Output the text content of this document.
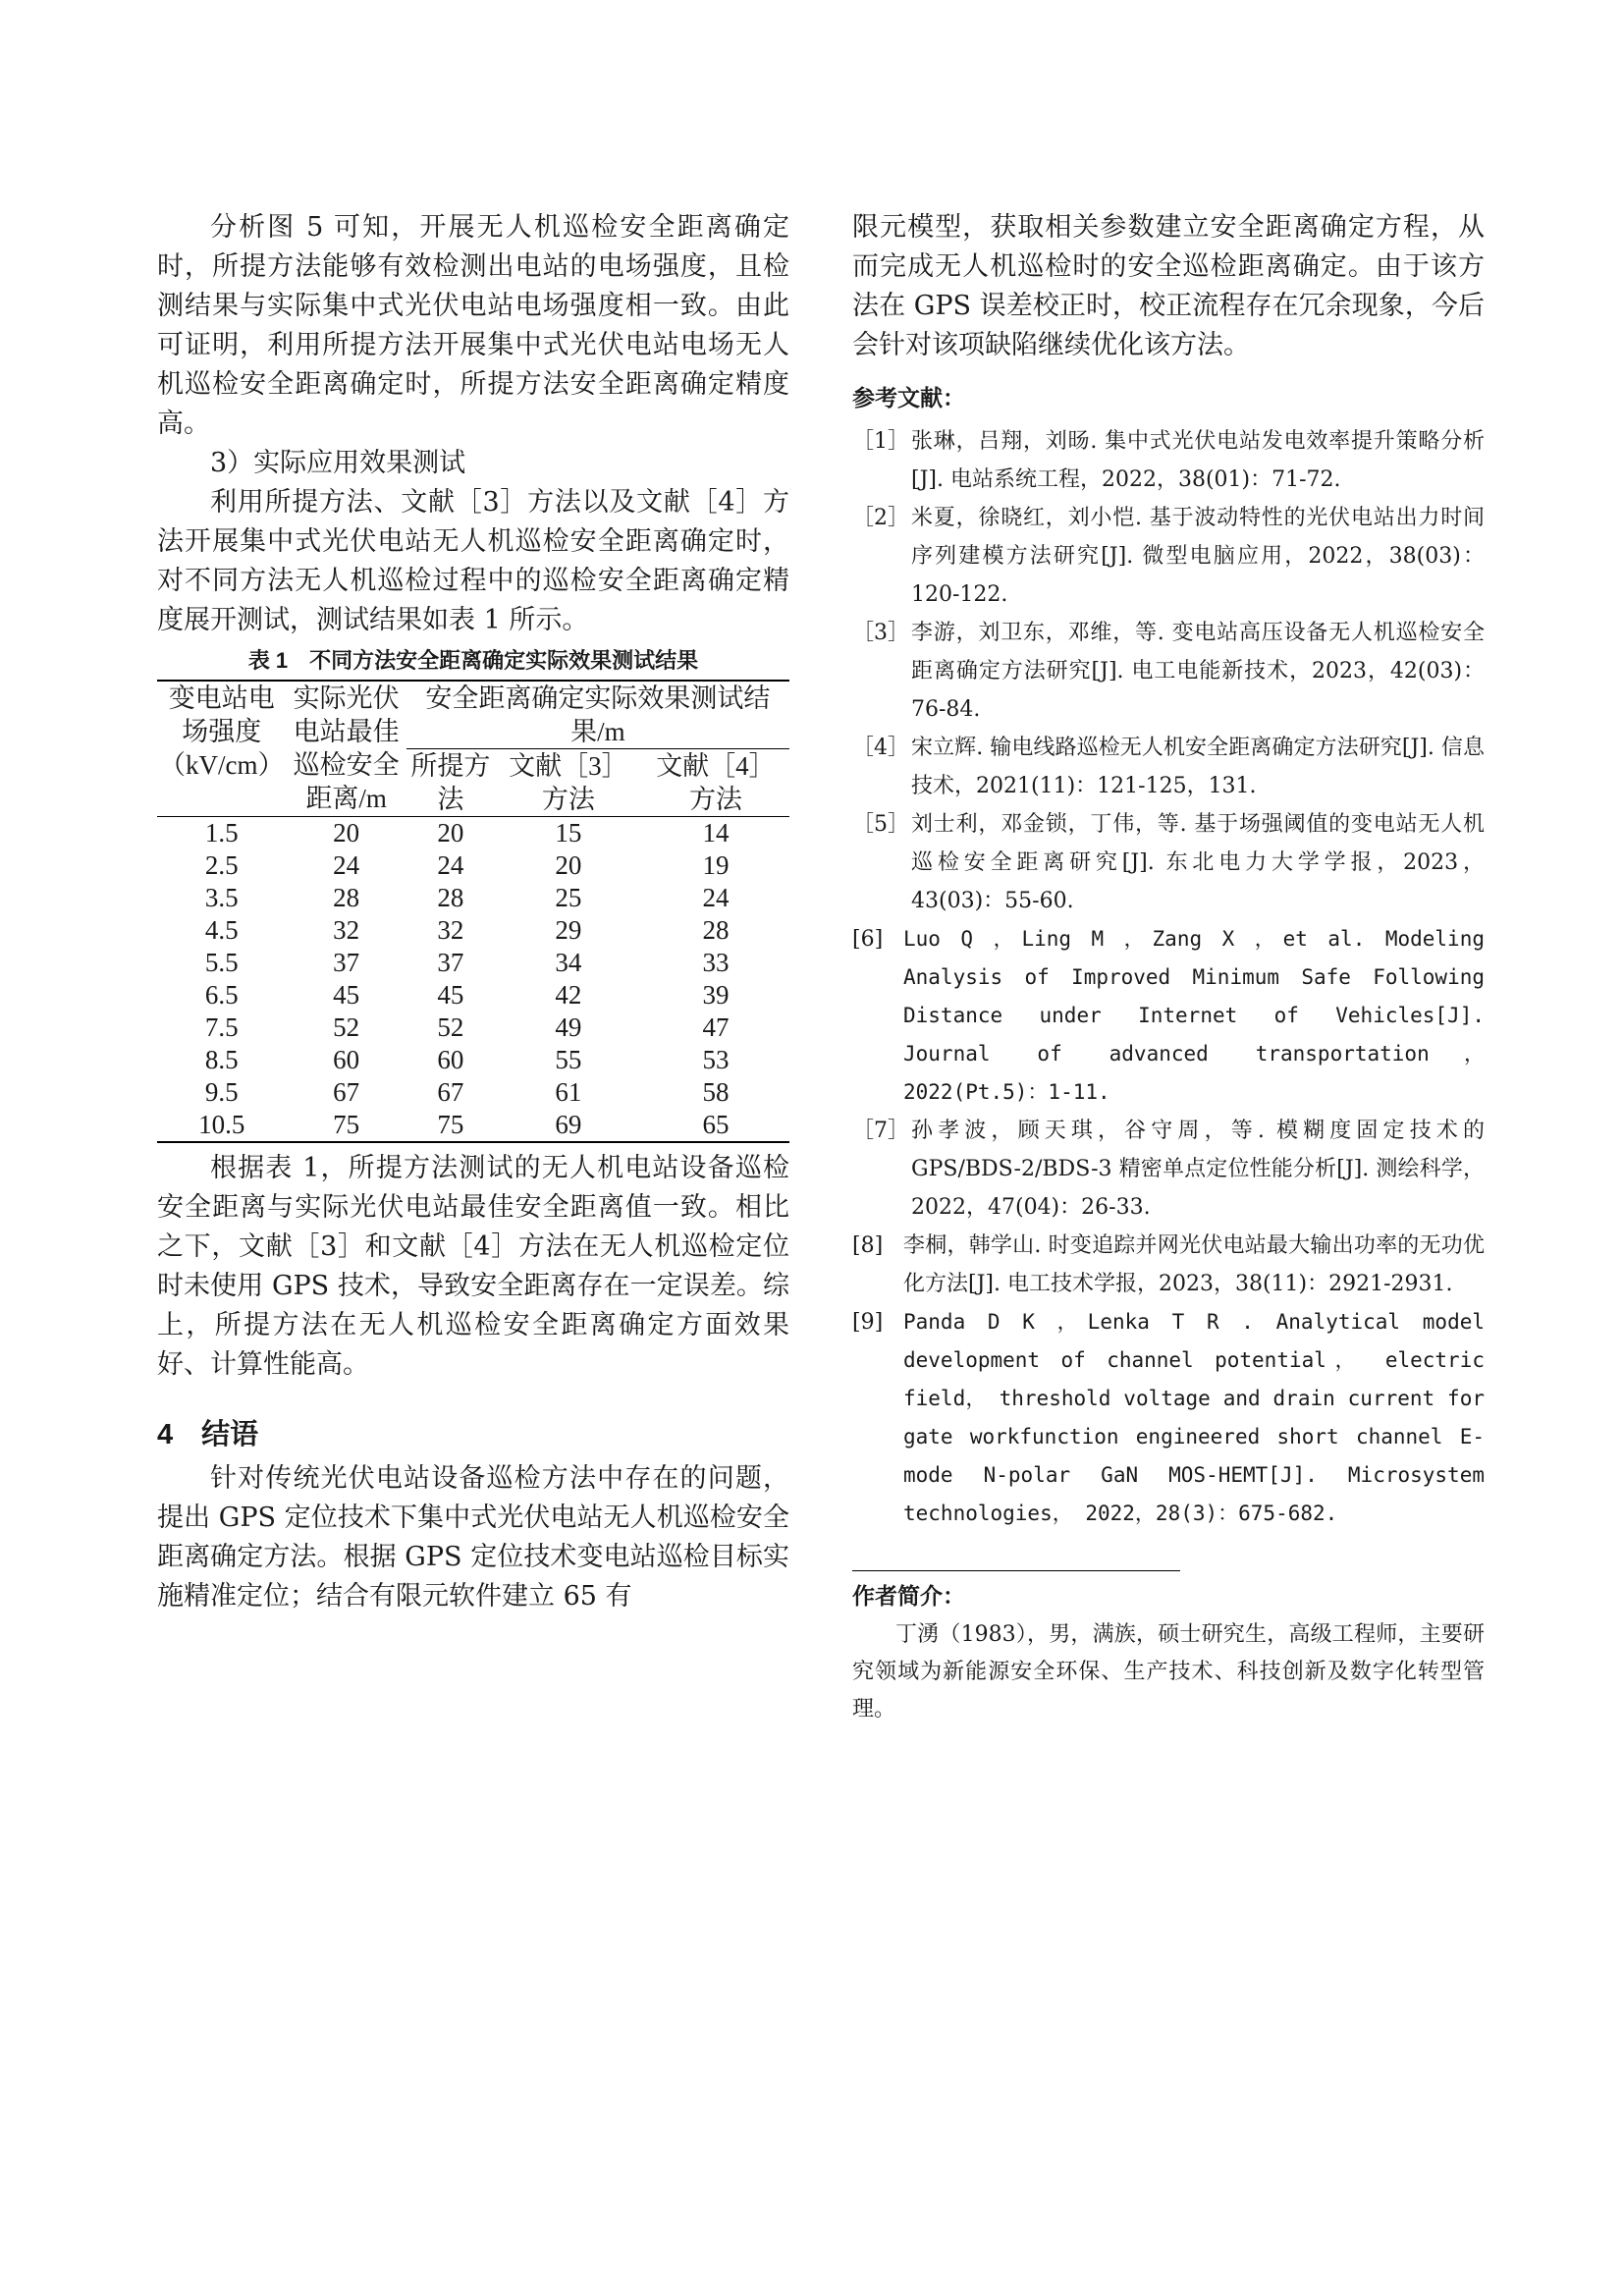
分析图 5 可知，开展无人机巡检安全距离确定时，所提方法能够有效检测出电站的电场强度，且检测结果与实际集中式光伏电站电场强度相一致。由此可证明，利用所提方法开展集中式光伏电站电场无人机巡检安全距离确定时，所提方法安全距离确定精度高。

3）实际应用效果测试

利用所提方法、文献［3］方法以及文献［4］方法开展集中式光伏电站无人机巡检安全距离确定时，对不同方法无人机巡检过程中的巡检安全距离确定精度展开测试，测试结果如表 1 所示。

表 1　不同方法安全距离确定实际效果测试结果
变电站电场强度（kV/cm）	实际光伏电站最佳巡检安全距离/m	安全距离确定实际效果测试结果/m		
		所提方法	文献［3］方法	文献［4］方法
1.5	20	20	15	14
2.5	24	24	20	19
3.5	28	28	25	24
4.5	32	32	29	28
5.5	37	37	34	33
6.5	45	45	42	39
7.5	52	52	49	47
8.5	60	60	55	53
9.5	67	67	61	58
10.5	75	75	69	65

根据表 1，所提方法测试的无人机电站设备巡检安全距离与实际光伏电站最佳安全距离值一致。相比之下，文献［3］和文献［4］方法在无人机巡检定位时未使用 GPS 技术，导致安全距离存在一定误差。综上，所提方法在无人机巡检安全距离确定方面效果好、计算性能高。

4　结语

针对传统光伏电站设备巡检方法中存在的问题，提出 GPS 定位技术下集中式光伏电站无人机巡检安全距离确定方法。根据 GPS 定位技术变电站巡检目标实施精准定位；结合有限元软件建立 65 有

限元模型，获取相关参数建立安全距离确定方程，从而完成无人机巡检时的安全巡检距离确定。由于该方法在 GPS 误差校正时，校正流程存在冗余现象，今后会针对该项缺陷继续优化该方法。

参考文献：
［1］ 张琳，吕翔，刘旸. 集中式光伏电站发电效率提升策略分析[J]. 电站系统工程，2022，38(01)：71-72.
［2］ 米夏，徐晓红，刘小恺. 基于波动特性的光伏电站出力时间序列建模方法研究[J]. 微型电脑应用，2022，38(03)：120-122.
［3］ 李游，刘卫东，邓维，等. 变电站高压设备无人机巡检安全距离确定方法研究[J]. 电工电能新技术，2023，42(03)：76-84.
［4］ 宋立辉. 输电线路巡检无人机安全距离确定方法研究[J]. 信息技术，2021(11)：121-125，131.
［5］ 刘士利，邓金锁，丁伟，等. 基于场强阈值的变电站无人机巡检安全距离研究[J]. 东北电力大学学报，2023，43(03)：55-60.
[6] Luo Q ，Ling M ，Zang X ，et al. Modeling Analysis of Improved Minimum Safe Following Distance under Internet of Vehicles[J]. Journal of advanced transportation，2022(Pt.5)：1-11.
［7］ 孙孝波，顾天琪，谷守周，等. 模糊度固定技术的 GPS/BDS-2/BDS-3 精密单点定位性能分析[J]. 测绘科学，2022，47(04)：26-33.
[8] 李桐，韩学山. 时变追踪并网光伏电站最大输出功率的无功优化方法[J]. 电工技术学报，2023，38(11)：2921-2931.
[9] Panda D K ，Lenka T R . Analytical model development of channel potential， electric field， threshold voltage and drain current for gate workfunction engineered short channel E-mode N-polar GaN MOS-HEMT[J]. Microsystem technologies， 2022，28(3)：675-682.
作者简介：

丁湧（1983），男，满族，硕士研究生，高级工程师，主要研究领域为新能源安全环保、生产技术、科技创新及数字化转型管理。
